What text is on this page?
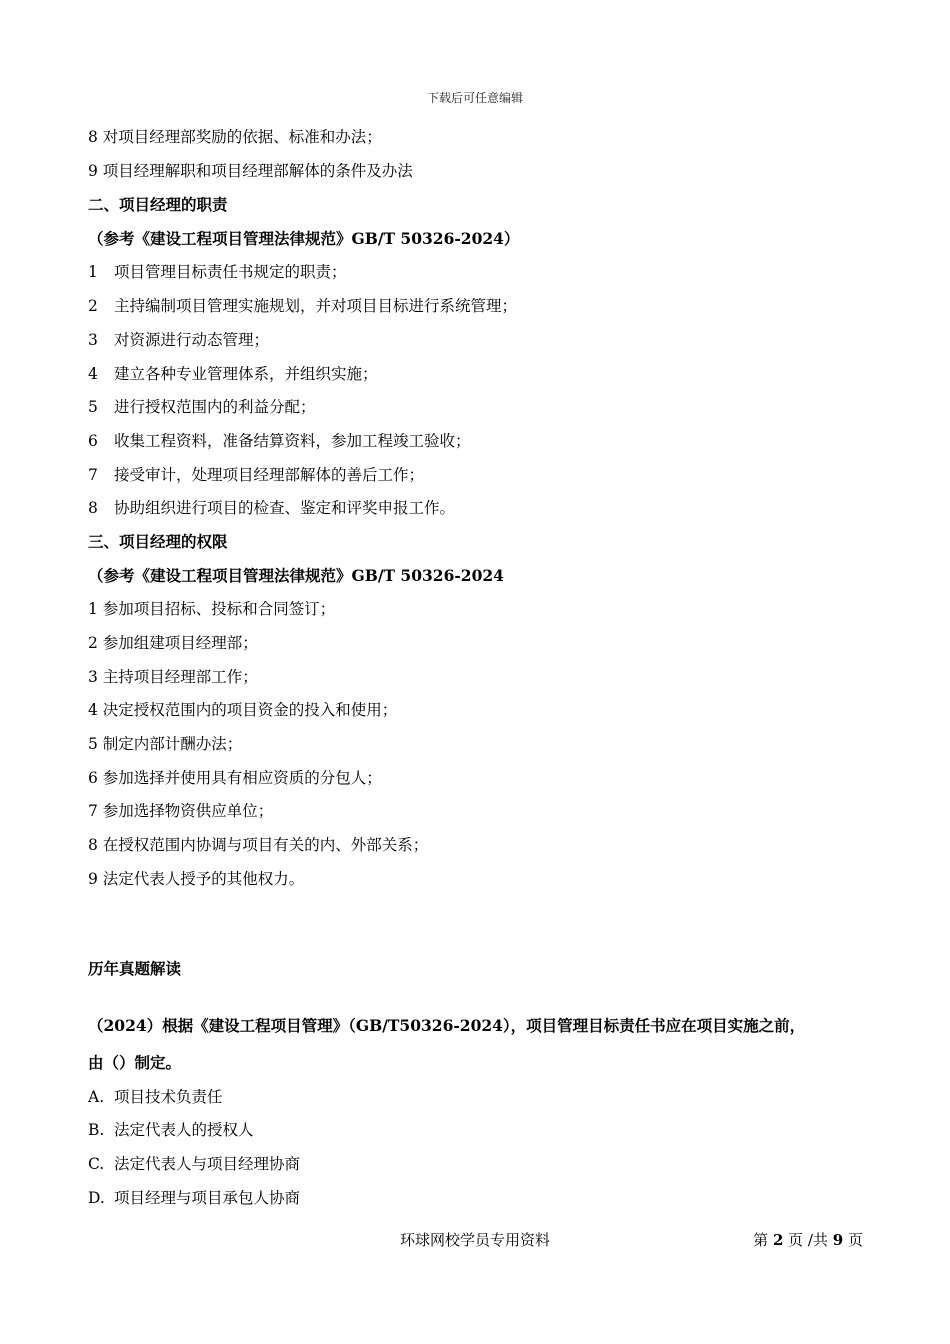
下载后可任意编辑
8 对项目经理部奖励的依据、标准和办法；
9 项目经理解职和项目经理部解体的条件及办法
二、项目经理的职责
（参考《建设工程项目管理法律规范》GB/T 50326-2024）
1 项目管理目标责任书规定的职责；
2 主持编制项目管理实施规划，并对项目目标进行系统管理；
3 对资源进行动态管理；
4 建立各种专业管理体系，并组织实施；
5 进行授权范围内的利益分配；
6 收集工程资料，准备结算资料，参加工程竣工验收；
7 接受审计，处理项目经理部解体的善后工作；
8 协助组织进行项目的检查、鉴定和评奖申报工作。
三、项目经理的权限
（参考《建设工程项目管理法律规范》GB/T 50326-2024
1 参加项目招标、投标和合同签订；
2 参加组建项目经理部；
3 主持项目经理部工作；
4 决定授权范围内的项目资金的投入和使用；
5 制定内部计酬办法；
6 参加选择并使用具有相应资质的分包人；
7 参加选择物资供应单位；
8 在授权范围内协调与项目有关的内、外部关系；
9 法定代表人授予的其他权力。
历年真题解读
（2024）根据《建设工程项目管理》（GB/T50326-2024），项目管理目标责任书应在项目实施之前，
由（）制定。
A. 项目技术负责任
B. 法定代表人的授权人
C. 法定代表人与项目经理协商
D. 项目经理与项目承包人协商
环球网校学员专用资料	第 2 页 /共 9 页
